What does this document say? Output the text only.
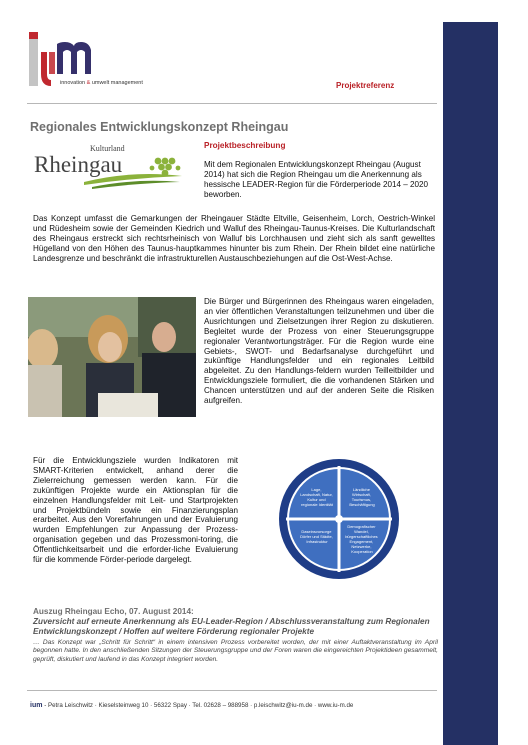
innovation & umwelt management	Projektreferenz
Regionales Entwicklungskonzept Rheingau
Kulturland
Rheingau
Projektbeschreibung
Mit dem Regionalen Entwicklungskonzept Rheingau (August 2014) hat sich die Region Rheingau um die Anerkennung als hessische LEADER-Region für die Förderperiode 2014 – 2020 beworben.
Das Konzept umfasst die Gemarkungen der Rheingauer Städte Eltville, Geisenheim, Lorch, Oestrich-Winkel und Rüdesheim sowie der Gemeinden Kiedrich und Walluf des Rheingau-Taunus-Kreises. Die Kulturlandschaft des Rheingaus erstreckt sich rechtsrheinisch von Walluf bis Lorchhausen und zieht sich als sanft gewelltes Hügelland von den Höhen des Taunus-hauptkammes hinunter bis zum Rhein. Der Rhein bildet eine natürliche Landesgrenze und beschränkt die infrastrukturellen Austauschbeziehungen auf die Ost-West-Achse.
Die Bürger und Bürgerinnen des Rheingaus waren eingeladen, an vier öffentlichen Veranstaltungen teilzunehmen und über die Ausrichtungen und Zielsetzungen ihrer Region zu diskutieren. Begleitet wurde der Prozess von einer Steuerungsgruppe regionaler Verantwortungsträger. Für die Region wurde eine Gebiets-, SWOT- und Bedarfsanalyse durchgeführt und zukünftige Handlungsfelder und ein regionales Leitbild abgeleitet. Zu den Handlungs-feldern wurden Teilleitbilder und Entwicklungsziele formuliert, die die vorhandenen Stärken und Chancen unterstützen und auf der anderen Seite die Risiken aufgreifen.
Für die Entwicklungsziele wurden Indikatoren mit SMART-Kriterien entwickelt, anhand derer die Zielerreichung gemessen werden kann. Für die zukünftigen Projekte wurde ein Aktionsplan für die einzelnen Handlungsfelder mit Leit- und Startprojekten und Projektbündeln sowie ein Finanzierungsplan erarbeitet. Aus den Vorerfahrungen und der Evaluierung wurden Empfehlungen zur Anpassung der Prozess-organisation gegeben und das Prozessmoni-toring, die Öffentlichkeitsarbeit und die erforder-liche Evaluierung für die kommende Förder-periode dargelegt.
Lage, Landschaft, Natur, Kultur und regionale Identität
Ländliche Wirtschaft, Tourismus, Beschäftigung
Daseinsvorsorge Dörfer und Städte, Infrastruktur
Demografischer Wandel, bürgerschaftliches Engagement, Netzwerke, Kooperation
Auszug Rheingau Echo, 07. August 2014:
Zuversicht auf erneute Anerkennung als EU-Leader-Region / Abschlussveranstaltung zum Regionalen Entwicklungskonzept / Hoffen auf weitere Förderung regionaler Projekte
… Das Konzept war „Schritt für Schritt“ in einem intensiven Prozess vorbereitet worden, der mit einer Auftaktveranstaltung im April begonnen hatte. In den anschließenden Sitzungen der Steuerungsgruppe und der Foren waren die eingereichten Projektideen gesammelt, geprüft, diskutiert und laufend in das Konzept integriert worden.
ium - Petra Leischwitz · Kieselsteinweg 10 · 56322 Spay · Tel. 02628 – 988958 · p.leischwitz@iu-m.de · www.iu-m.de
